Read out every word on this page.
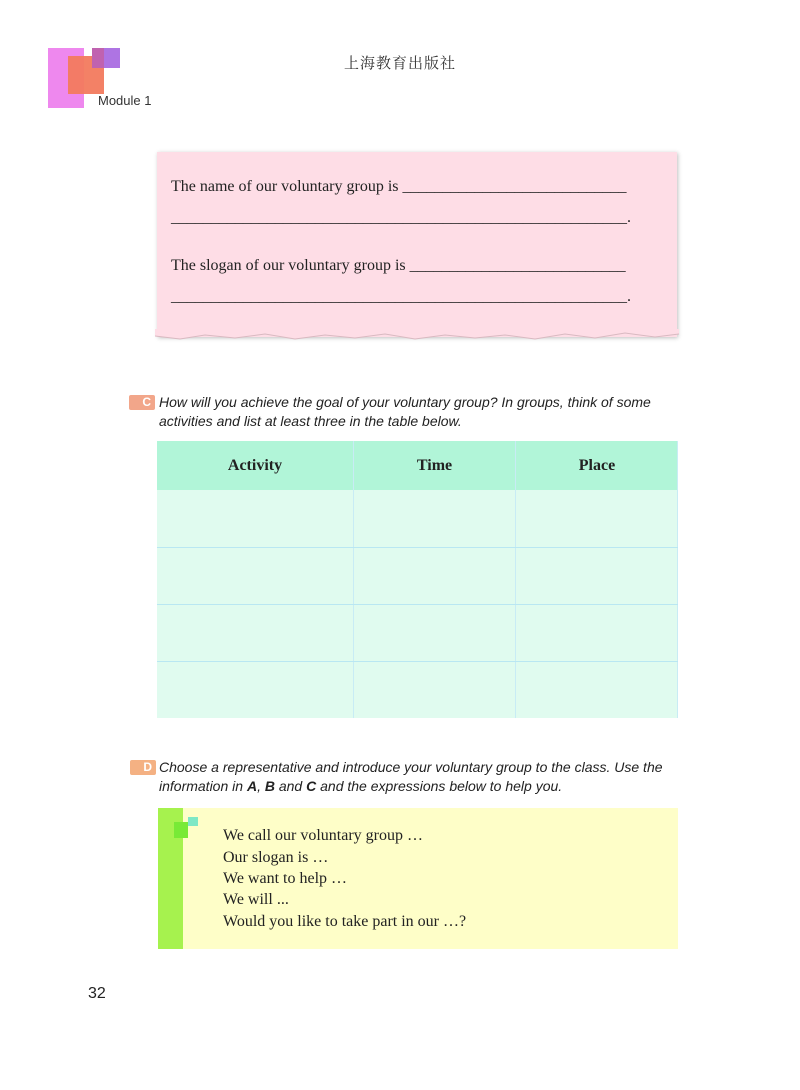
上海教育出版社
Module 1
The name of our voluntary group is ____________________________
_________________________________________________________.
The slogan of our voluntary group is ___________________________
_________________________________________________________.
C How will you achieve the goal of your voluntary group? In groups, think of some
activities and list at least three in the table below.
Activity	Time	Place
D Choose a representative and introduce your voluntary group to the class. Use the
information in A, B and C and the expressions below to help you.
We call our voluntary group …
Our slogan is …
We want to help …
We will ...
Would you like to take part in our …?
32
